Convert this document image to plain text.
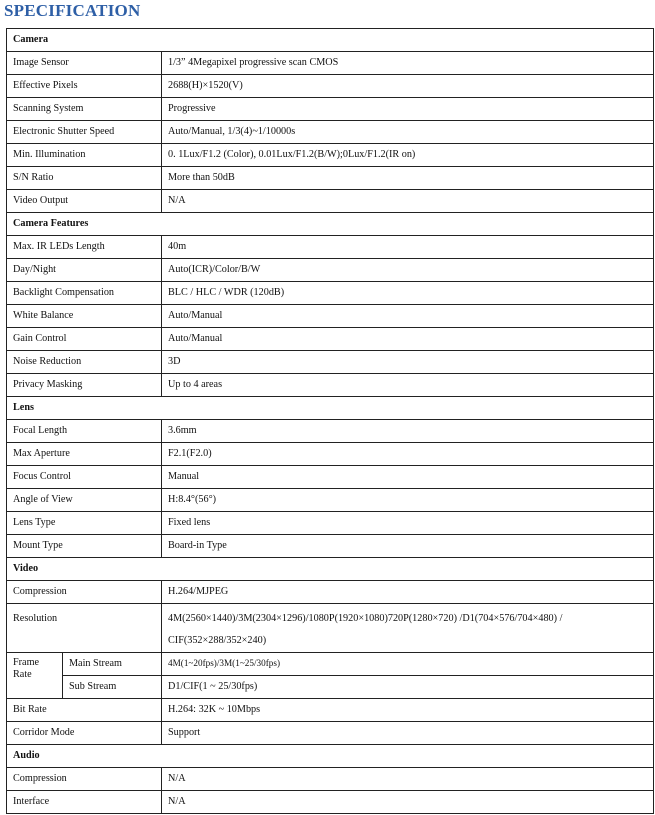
SPECIFICATION
Camera		
Image Sensor		1/3” 4Megapixel progressive scan CMOS
Effective Pixels		2688(H)×1520(V)
Scanning System		Progressive
Electronic Shutter Speed		Auto/Manual, 1/3(4)~1/10000s
Min. Illumination		0. 1Lux/F1.2 (Color), 0.01Lux/F1.2(B/W);0Lux/F1.2(IR on)
S/N Ratio		More than 50dB
Video Output		N/A
Camera Features		
Max. IR LEDs Length		40m
Day/Night		Auto(ICR)/Color/B/W
Backlight Compensation		BLC / HLC / WDR (120dB)
White Balance		Auto/Manual
Gain Control		Auto/Manual
Noise Reduction		3D
Privacy Masking		Up to 4 areas
Lens		
Focal Length		3.6mm
Max Aperture		F2.1(F2.0)
Focus Control		Manual
Angle of View		H:8.4°(56°)
Lens Type		Fixed lens
Mount Type		Board-in Type
Video		
Compression		H.264/MJPEG
Resolution		4M(2560×1440)/3M(2304×1296)/1080P(1920×1080)720P(1280×720) /D1(704×576/704×480) / CIF(352×288/352×240)

Frame
Rate	Main Stream	4M(1~20fps)/3M(1~25/30fps)
	Sub Stream	D1/CIF(1 ~ 25/30fps)
Bit Rate		H.264: 32K ~ 10Mbps
Corridor Mode		Support
Audio		
Compression		N/A
Interface		N/A
